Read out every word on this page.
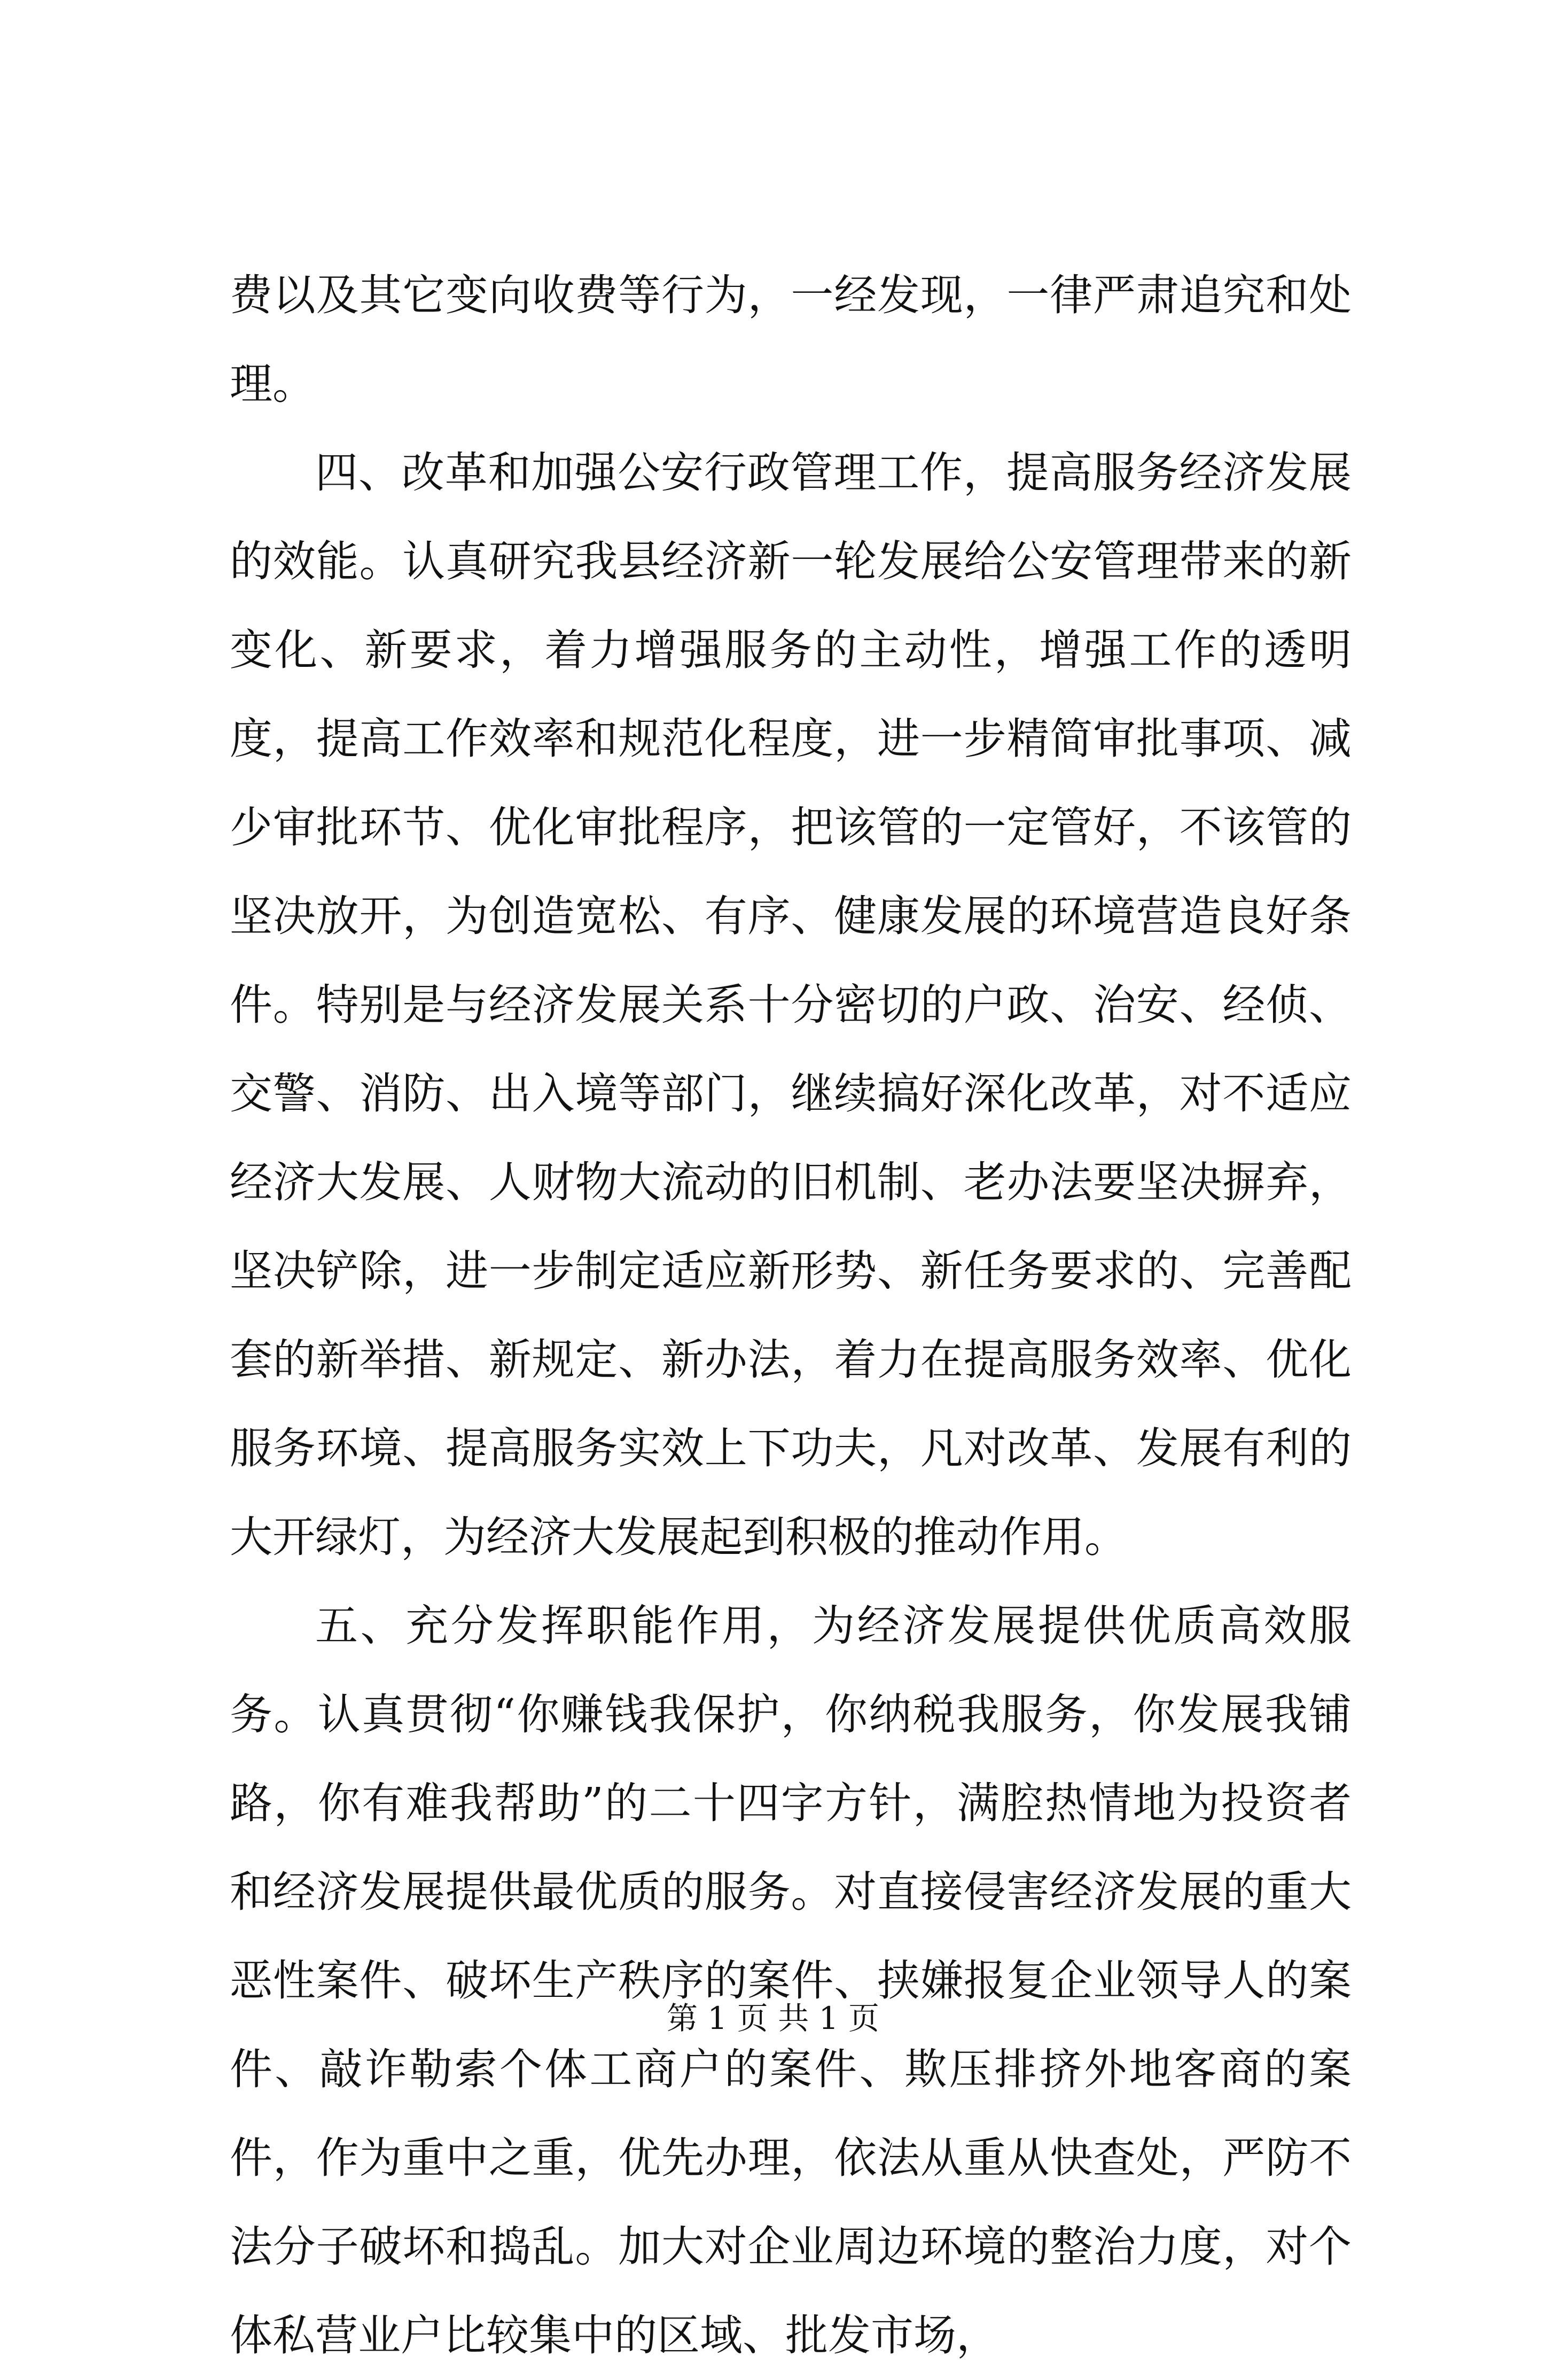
费以及其它变向收费等行为，一经发现，一律严肃追究和处理。

四、改革和加强公安行政管理工作，提高服务经济发展的效能。认真研究我县经济新一轮发展给公安管理带来的新变化、新要求，着力增强服务的主动性，增强工作的透明度，提高工作效率和规范化程度，进一步精简审批事项、减少审批环节、优化审批程序，把该管的一定管好，不该管的坚决放开，为创造宽松、有序、健康发展的环境营造良好条件。特别是与经济发展关系十分密切的户政、治安、经侦、交警、消防、出入境等部门，继续搞好深化改革，对不适应经济大发展、人财物大流动的旧机制、老办法要坚决摒弃，坚决铲除，进一步制定适应新形势、新任务要求的、完善配套的新举措、新规定、新办法，着力在提高服务效率、优化服务环境、提高服务实效上下功夫，凡对改革、发展有利的大开绿灯，为经济大发展起到积极的推动作用。

五、充分发挥职能作用，为经济发展提供优质高效服务。认真贯彻“你赚钱我保护，你纳税我服务，你发展我铺路，你有难我帮助”的二十四字方针，满腔热情地为投资者和经济发展提供最优质的服务。对直接侵害经济发展的重大恶性案件、破坏生产秩序的案件、挟嫌报复企业领导人的案件、敲诈勒索个体工商户的案件、欺压排挤外地客商的案件，作为重中之重，优先办理，依法从重从快查处，严防不法分子破坏和捣乱。加大对企业周边环境的整治力度，对个体私营业户比较集中的区域、批发市场，

第 1 页 共 1 页
